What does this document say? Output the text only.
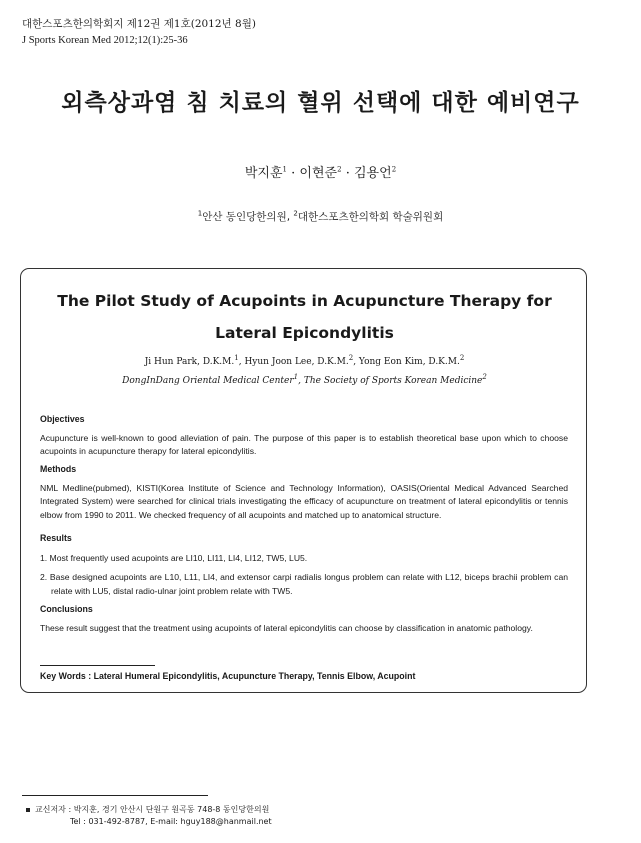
대한스포츠한의학회지 제12권 제1호(2012년 8월)
J Sports Korean Med 2012;12(1):25-36
외측상과염 침 치료의 혈위 선택에 대한 예비연구
박지훈$^1$ · 이현준$^2$ · 김용언$^2$
$^1$안산 동인당한의원, $^2$대한스포츠한의학회 학술위원회
The Pilot Study of Acupoints in Acupuncture Therapy for
Lateral Epicondylitis
Ji Hun Park, D.K.M.$^1$, Hyun Joon Lee, D.K.M.$^2$, Yong Eon Kim, D.K.M.$^2$
DongInDang Oriental Medical Center$^1$, The Society of Sports Korean Medicine$^2$
Objectives

Acupuncture is well-known to good alleviation of pain. The purpose of this paper is to establish theoretical base upon which to choose acupoints in acupuncture therapy for lateral epicondylitis.

Methods

NML Medline(pubmed), KISTI(Korea Institute of Science and Technology Information), OASIS(Oriental Medical Advanced Searched Integrated System) were searched for clinical trials investigating the efficacy of acupuncture on treatment of lateral epicondylitis or tennis elbow from 1990 to 2011. We checked frequency of all acupoints and matched up to anatomical structure.

Results
1. Most frequently used acupoints are LI10, LI11, LI4, LI12, TW5, LU5.
2. Base designed acupoints are L10, L11, LI4, and extensor carpi radialis longus problem can relate with L12, biceps brachii problem can relate with LU5, distal radio-ulnar joint problem relate with TW5.
Conclusions

These result suggest that the treatment using acupoints of lateral epicondylitis can choose by classification in anatomic pathology.

Key Words : Lateral Humeral Epicondylitis, Acupuncture Therapy, Tennis Elbow, Acupoint
교신저자 : 박지훈, 경기 안산시 단원구 원곡동 748-8 동인당한의원
Tel : 031-492-8787, E-mail: hguy188@hanmail.net
